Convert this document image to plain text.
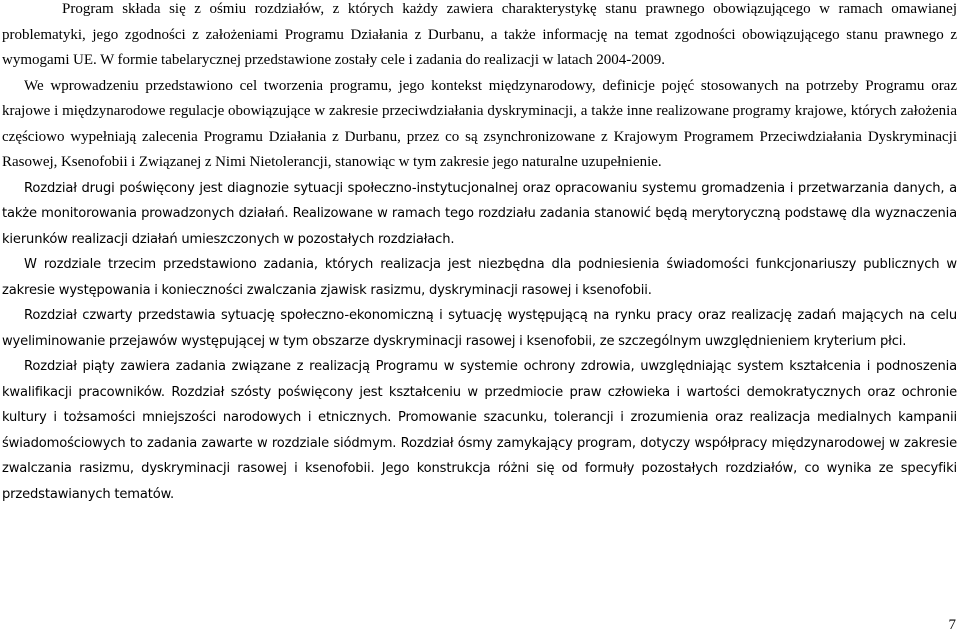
Program składa się z ośmiu rozdziałów, z których każdy zawiera charakterystykę stanu prawnego obowiązującego w ramach omawianej problematyki, jego zgodności z założeniami Programu Działania z Durbanu, a także informację na temat zgodności obowiązującego stanu prawnego z wymogami UE. W formie tabelarycznej przedstawione zostały cele i zadania do realizacji w latach 2004-2009.

We wprowadzeniu przedstawiono cel tworzenia programu, jego kontekst międzynarodowy, definicje pojęć stosowanych na potrzeby Programu oraz krajowe i międzynarodowe regulacje obowiązujące w zakresie przeciwdziałania dyskryminacji, a także inne realizowane programy krajowe, których założenia częściowo wypełniają zalecenia Programu Działania z Durbanu, przez co są zsynchronizowane z Krajowym Programem Przeciwdziałania Dyskryminacji Rasowej, Ksenofobii i Związanej z Nimi Nietolerancji, stanowiąc w tym zakresie jego naturalne uzupełnienie.

Rozdział drugi poświęcony jest diagnozie sytuacji społeczno-instytucjonalnej oraz opracowaniu systemu gromadzenia i przetwarzania danych, a także monitorowania prowadzonych działań. Realizowane w ramach tego rozdziału zadania stanowić będą merytoryczną podstawę dla wyznaczenia kierunków realizacji działań umieszczonych w pozostałych rozdziałach.

W rozdziale trzecim przedstawiono zadania, których realizacja jest niezbędna dla podniesienia świadomości funkcjonariuszy publicznych w zakresie występowania i konieczności zwalczania zjawisk rasizmu, dyskryminacji rasowej i ksenofobii.

Rozdział czwarty przedstawia sytuację społeczno-ekonomiczną i sytuację występującą na rynku pracy oraz realizację zadań mających na celu wyeliminowanie przejawów występującej w tym obszarze dyskryminacji rasowej i ksenofobii, ze szczególnym uwzględnieniem kryterium płci.

Rozdział piąty zawiera zadania związane z realizacją Programu w systemie ochrony zdrowia, uwzględniając system kształcenia i podnoszenia kwalifikacji pracowników. Rozdział szósty poświęcony jest kształceniu w przedmiocie praw człowieka i wartości demokratycznych oraz ochronie kultury i tożsamości mniejszości narodowych i etnicznych. Promowanie szacunku, tolerancji i zrozumienia oraz realizacja medialnych kampanii świadomościowych to zadania zawarte w rozdziale siódmym. Rozdział ósmy zamykający program, dotyczy współpracy międzynarodowej w zakresie zwalczania rasizmu, dyskryminacji rasowej i ksenofobii. Jego konstrukcja różni się od formuły pozostałych rozdziałów, co wynika ze specyfiki przedstawianych tematów.

7
